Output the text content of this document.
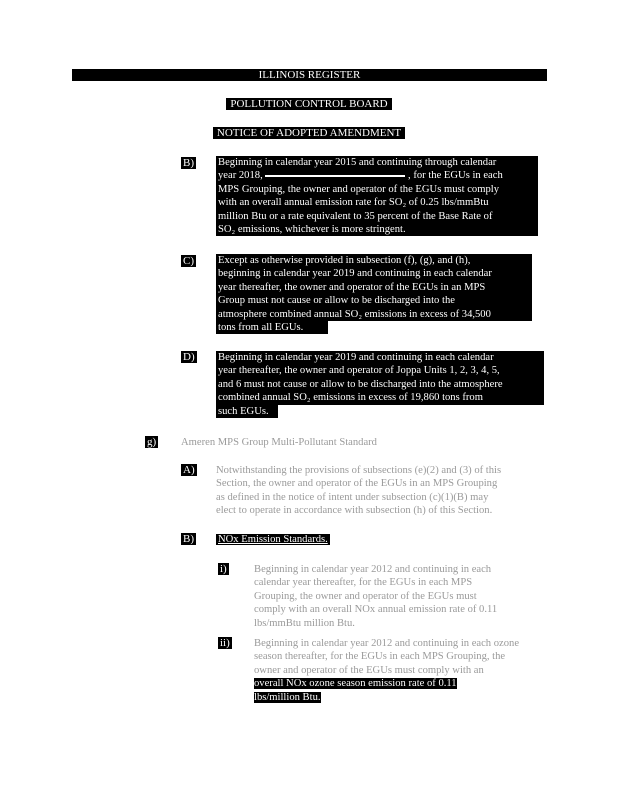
ILLINOIS REGISTER
POLLUTION CONTROL BOARD
NOTICE OF ADOPTED AMENDMENT
B) Beginning in calendar year 2015 and continuing through calendar
year 2018,	, for the EGUs in each
MPS Grouping, the owner and operator of the EGUs must comply
with an overall annual emission rate for SO₂ of 0.25 lbs/mmBtu
million Btu or a rate equivalent to 35 percent of the Base Rate of
SO₂ emissions, whichever is more stringent.
C) Except as otherwise provided in subsection (f), (g), and (h),
beginning in calendar year 2019 and continuing in each calendar
year thereafter, the owner and operator of the EGUs in an MPS
Group must not cause or allow to be discharged into the
atmosphere combined annual SO₂ emissions in excess of 34,500
tons from all EGUs.
D) Beginning in calendar year 2019 and continuing in each calendar
year thereafter, the owner and operator of Joppa Units 1, 2, 3, 4, 5,
and 6 must not cause or allow to be discharged into the atmosphere
combined annual SO₂ emissions in excess of 19,860 tons from
such EGUs.
g) Ameren MPS Group Multi-Pollutant Standard
A) Notwithstanding the provisions of subsections (e)(2) and (3) of this
Section, the owner and operator of the EGUs in an MPS Grouping
as defined in the notice of intent under subsection (c)(1)(B) may
elect to operate in accordance with subsection (h) of this Section.
B) NOx Emission Standards.
i)	Beginning in calendar year 2012 and continuing in each
calendar year thereafter, for the EGUs in each MPS
Grouping, the owner and operator of the EGUs must
comply with an overall NOx annual emission rate of 0.11
lbs/mmBtu million Btu.
ii) Beginning in calendar year 2012 and continuing in each ozone
season thereafter, for the EGUs in each MPS Grouping, the
owner and operator of the EGUs must comply with an
overall NOx ozone season emission rate of 0.11
lbs/million Btu.
